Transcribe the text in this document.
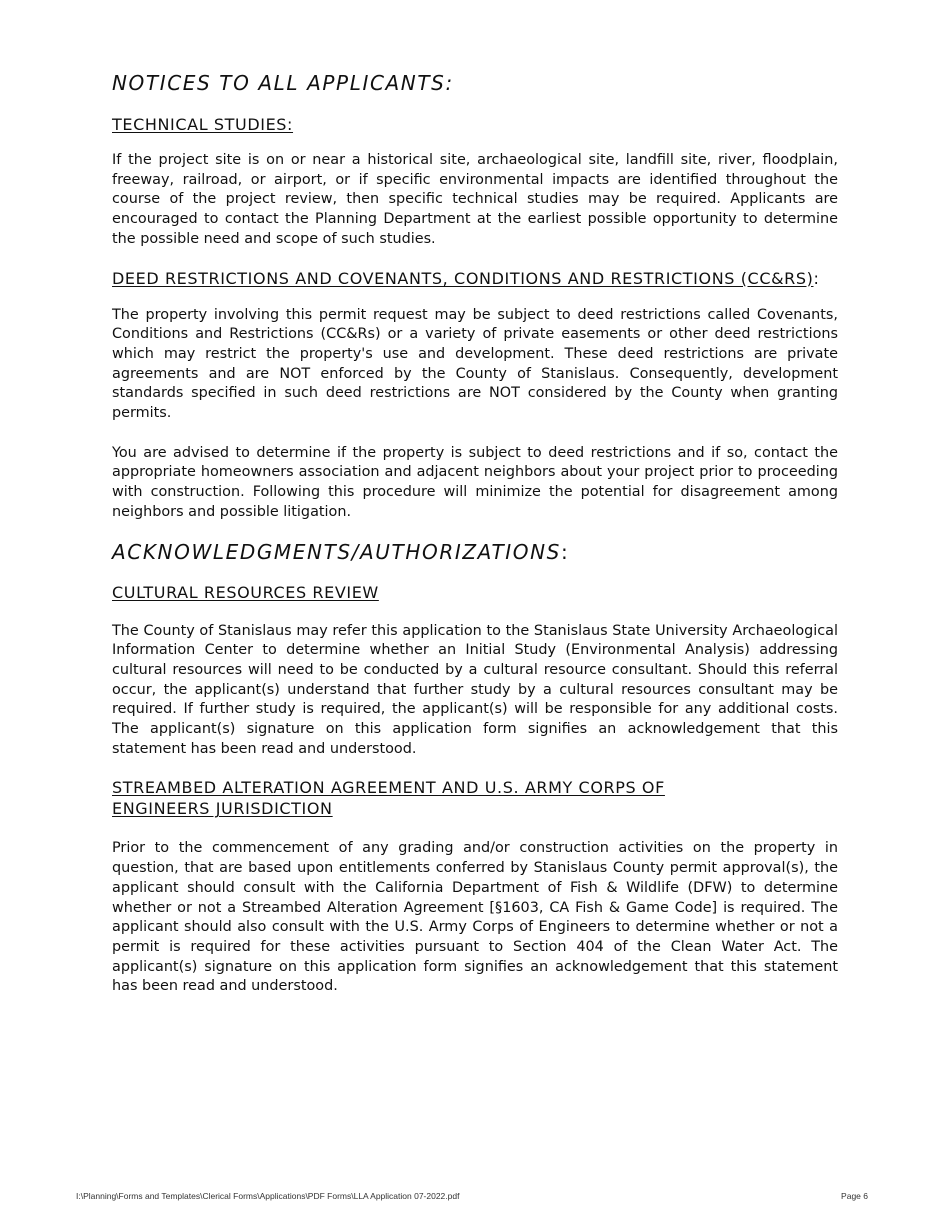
NOTICES TO ALL APPLICANTS:
TECHNICAL STUDIES:

If the project site is on or near a historical site, archaeological site, landfill site, river, floodplain, freeway, railroad, or airport, or if specific environmental impacts are identified throughout the course of the project review, then specific technical studies may be required. Applicants are encouraged to contact the Planning Department at the earliest possible opportunity to determine the possible need and scope of such studies.

DEED RESTRICTIONS AND COVENANTS, CONDITIONS AND RESTRICTIONS (CC&RS):

The property involving this permit request may be subject to deed restrictions called Covenants, Conditions and Restrictions (CC&Rs) or a variety of private easements or other deed restrictions which may restrict the property's use and development. These deed restrictions are private agreements and are NOT enforced by the County of Stanislaus. Consequently, development standards specified in such deed restrictions are NOT considered by the County when granting permits.

You are advised to determine if the property is subject to deed restrictions and if so, contact the appropriate homeowners association and adjacent neighbors about your project prior to proceeding with construction. Following this procedure will minimize the potential for disagreement among neighbors and possible litigation.

ACKNOWLEDGMENTS/AUTHORIZATIONS:
CULTURAL RESOURCES REVIEW

The County of Stanislaus may refer this application to the Stanislaus State University Archaeological Information Center to determine whether an Initial Study (Environmental Analysis) addressing cultural resources will need to be conducted by a cultural resource consultant. Should this referral occur, the applicant(s) understand that further study by a cultural resources consultant may be required. If further study is required, the applicant(s) will be responsible for any additional costs. The applicant(s) signature on this application form signifies an acknowledgement that this statement has been read and understood.

STREAMBED ALTERATION AGREEMENT AND U.S. ARMY CORPS OF
ENGINEERS JURISDICTION

Prior to the commencement of any grading and/or construction activities on the property in question, that are based upon entitlements conferred by Stanislaus County permit approval(s), the applicant should consult with the California Department of Fish & Wildlife (DFW) to determine whether or not a Streambed Alteration Agreement [§1603, CA Fish & Game Code] is required. The applicant should also consult with the U.S. Army Corps of Engineers to determine whether or not a permit is required for these activities pursuant to Section 404 of the Clean Water Act. The applicant(s) signature on this application form signifies an acknowledgement that this statement has been read and understood.

I:\Planning\Forms and Templates\Clerical Forms\Applications\PDF Forms\LLA Application 07-2022.pdf	Page 6
